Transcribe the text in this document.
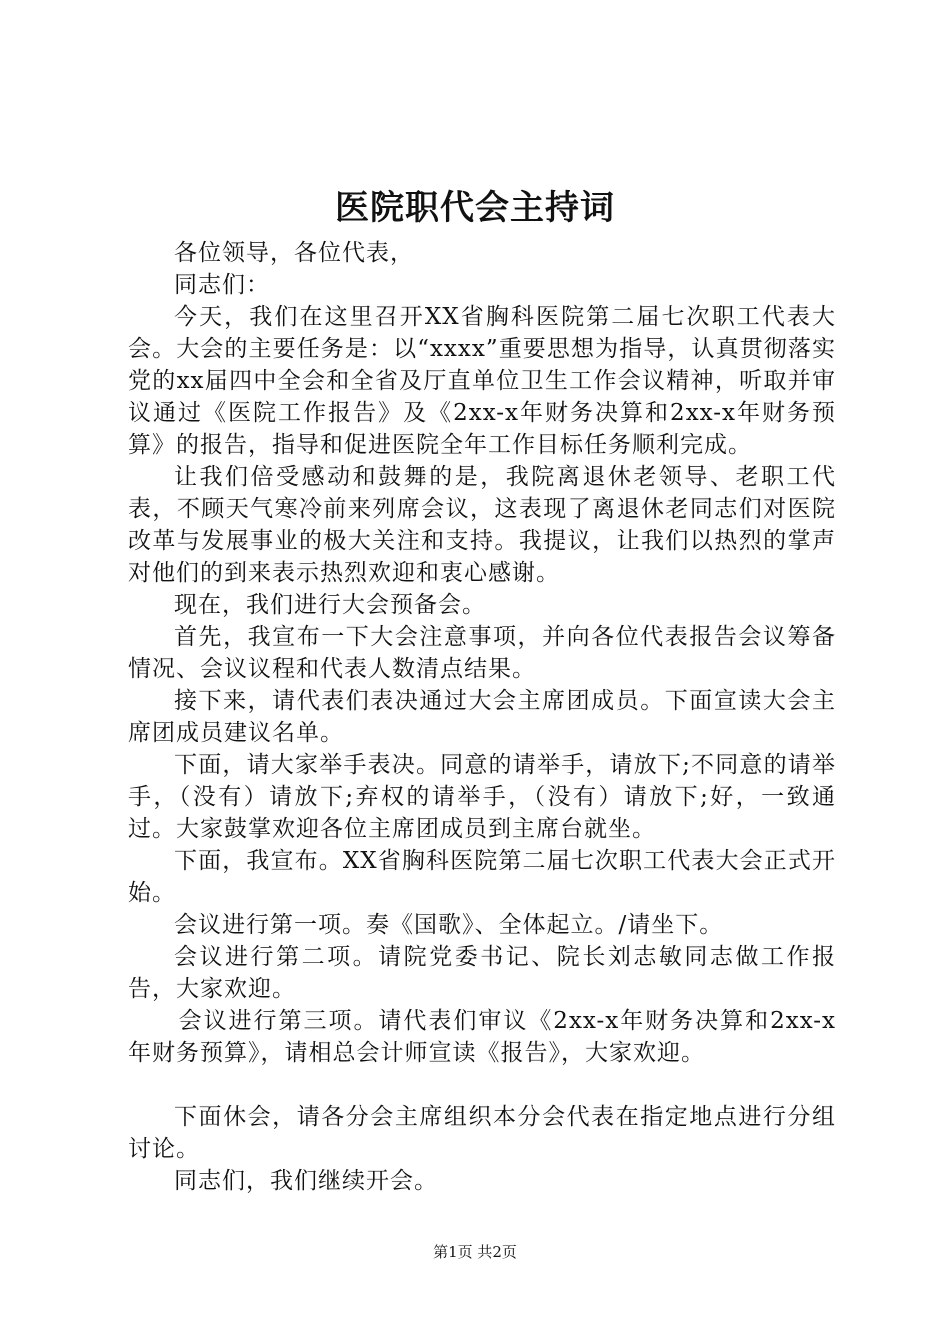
医院职代会主持词

各位领导，各位代表，

同志们：

今天，我们在这里召开XX省胸科医院第二届七次职工代表大会。大会的主要任务是：以“xxxx”重要思想为指导，认真贯彻落实党的xx届四中全会和全省及厅直单位卫生工作会议精神，听取并审议通过《医院工作报告》及《2xx-x年财务决算和2xx-x年财务预算》的报告，指导和促进医院全年工作目标任务顺利完成。

让我们倍受感动和鼓舞的是，我院离退休老领导、老职工代表，不顾天气寒冷前来列席会议，这表现了离退休老同志们对医院改革与发展事业的极大关注和支持。我提议，让我们以热烈的掌声对他们的到来表示热烈欢迎和衷心感谢。

现在，我们进行大会预备会。

首先，我宣布一下大会注意事项，并向各位代表报告会议筹备情况、会议议程和代表人数清点结果。

接下来，请代表们表决通过大会主席团成员。下面宣读大会主席团成员建议名单。

下面，请大家举手表决。同意的请举手，请放下;不同意的请举手，（没有）请放下;弃权的请举手，（没有）请放下;好，一致通过。大家鼓掌欢迎各位主席团成员到主席台就坐。

下面，我宣布。XX省胸科医院第二届七次职工代表大会正式开始。

会议进行第一项。奏《国歌》、全体起立。/请坐下。

会议进行第二项。请院党委书记、院长刘志敏同志做工作报告，大家欢迎。

会议进行第三项。请代表们审议《2xx-x年财务决算和2xx-x年财务预算》，请相总会计师宣读《报告》，大家欢迎。

下面休会，请各分会主席组织本分会代表在指定地点进行分组讨论。

同志们，我们继续开会。

第1页 共2页
